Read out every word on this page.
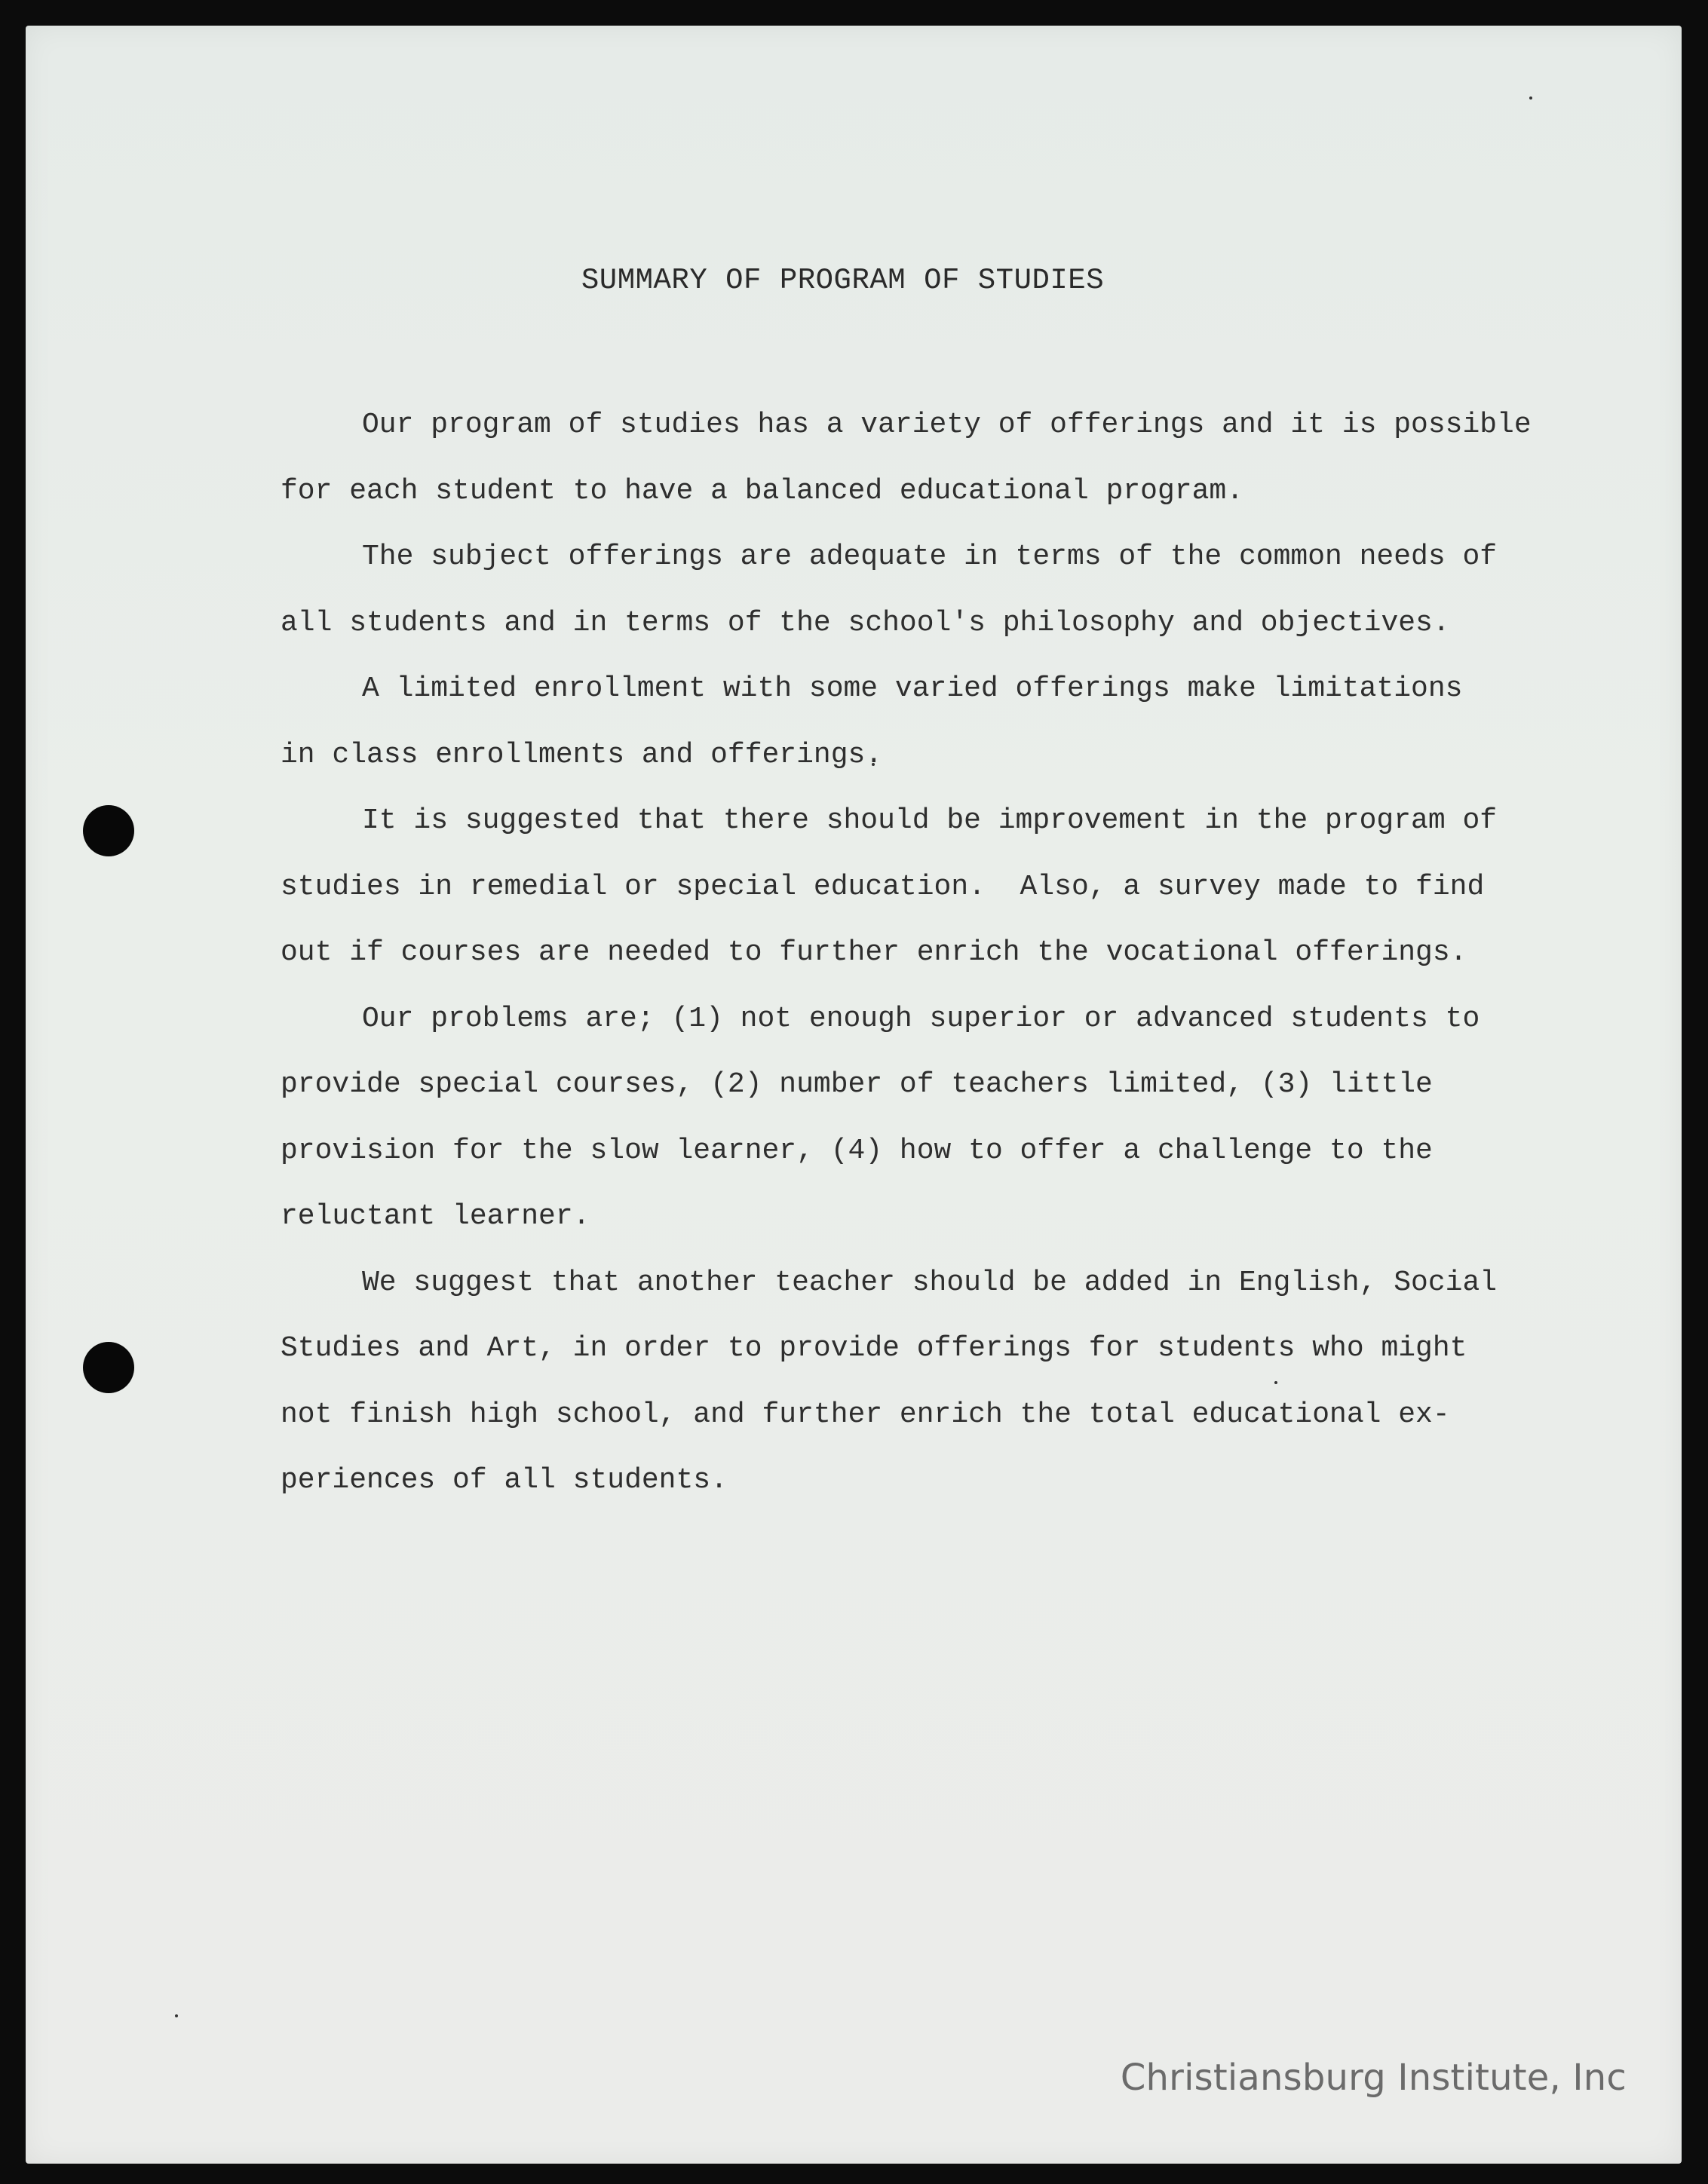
SUMMARY OF PROGRAM OF STUDIES

Our program of studies has a variety of offerings and it is possible
for each student to have a balanced educational program.

The subject offerings are adequate in terms of the common needs of
all students and in terms of the school's philosophy and objectives.

A limited enrollment with some varied offerings make limitations
in class enrollments and offerings.

It is suggested that there should be improvement in the program of
studies in remedial or special education.  Also, a survey made to find
out if courses are needed to further enrich the vocational offerings.

Our problems are; (1) not enough superior or advanced students to
provide special courses, (2) number of teachers limited, (3) little
provision for the slow learner, (4) how to offer a challenge to the
reluctant learner.

We suggest that another teacher should be added in English, Social
Studies and Art, in order to provide offerings for students who might
not finish high school, and further enrich the total educational ex-
periences of all students.

Christiansburg Institute, Inc
